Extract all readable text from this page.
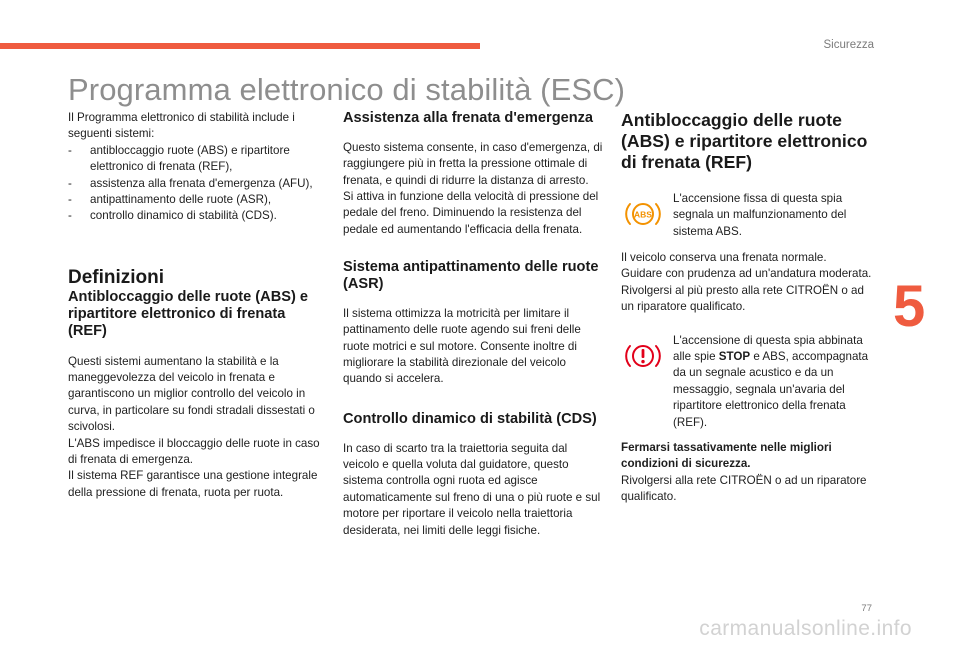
Sicurezza
5
Programma elettronico di stabilità (ESC)

Il Programma elettronico di stabilità include i seguenti sistemi:

- antibloccaggio ruote (ABS) e ripartitore elettronico di frenata (REF),
- assistenza alla frenata d'emergenza (AFU),
- antipattinamento delle ruote (ASR),
- controllo dinamico di stabilità (CDS).
Definizioni
Antibloccaggio delle ruote (ABS) e ripartitore elettronico di frenata (REF)

Questi sistemi aumentano la stabilità e la maneggevolezza del veicolo in frenata e garantiscono un miglior controllo del veicolo in curva, in particolare su fondi stradali dissestati o scivolosi.

L'ABS impedisce il bloccaggio delle ruote in caso di frenata di emergenza.

Il sistema REF garantisce una gestione integrale della pressione di frenata, ruota per ruota.

Assistenza alla frenata d'emergenza

Questo sistema consente, in caso d'emergenza, di raggiungere più in fretta la pressione ottimale di frenata, e quindi di ridurre la distanza di arresto.

Si attiva in funzione della velocità di pressione del pedale del freno. Diminuendo la resistenza del pedale ed aumentando l'efficacia della frenata.

Sistema antipattinamento delle ruote (ASR)

Il sistema ottimizza la motricità per limitare il pattinamento delle ruote agendo sui freni delle ruote motrici e sul motore. Consente inoltre di migliorare la stabilità direzionale del veicolo quando si accelera.

Controllo dinamico di stabilità (CDS)

In caso di scarto tra la traiettoria seguita dal veicolo e quella voluta dal guidatore, questo sistema controlla ogni ruota ed agisce automaticamente sul freno di una o più ruote e sul motore per riportare il veicolo nella traiettoria desiderata, nei limiti delle leggi fisiche.

Antibloccaggio delle ruote (ABS) e ripartitore elettronico di frenata (REF)
ABS

L'accensione fissa di questa spia segnala un malfunzionamento del sistema ABS.

Il veicolo conserva una frenata normale.

Guidare con prudenza ad un'andatura moderata.

Rivolgersi al più presto alla rete CITROËN o ad un riparatore qualificato.

L'accensione di questa spia abbinata alle spie STOP e ABS, accompagnata da un segnale acustico e da un messaggio, segnala un'avaria del ripartitore elettronico della frenata (REF).

Fermarsi tassativamente nelle migliori condizioni di sicurezza.

Rivolgersi alla rete CITROËN o ad un riparatore qualificato.

77
carmanualsonline.info
